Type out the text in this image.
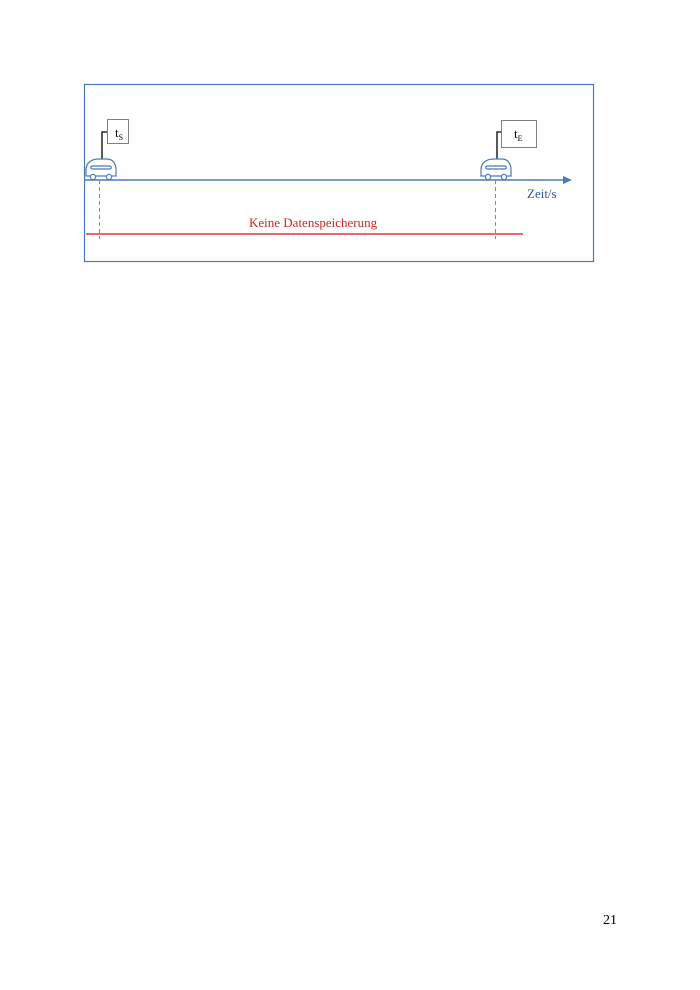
$t_S$	$t_E$
Zeit/s
Keine Datenspeicherung
21
